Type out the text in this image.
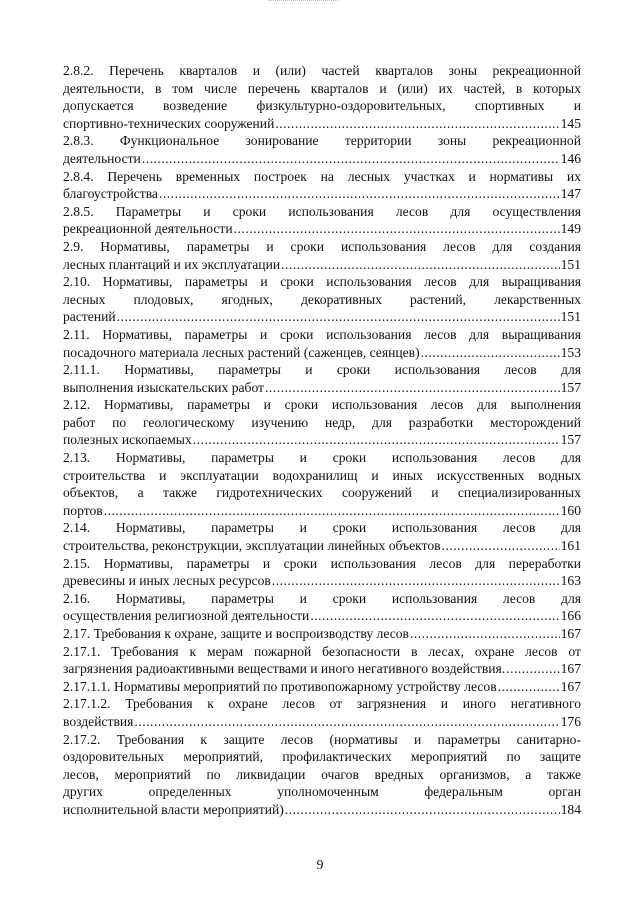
2.8.2. Перечень кварталов и (или) частей кварталов зоны рекреационной
деятельности, в том числе перечень кварталов и (или) их частей, в которых
допускается возведение физкультурно-оздоровительных, спортивных и
спортивно-технических сооружений .....	145
2.8.3. Функциональное зонирование территории зоны рекреационной
деятельности .....	146
2.8.4. Перечень временных построек на лесных участках и нормативы их
благоустройства .....	147
2.8.5. Параметры и сроки использования лесов для осуществления
рекреационной деятельности .....	149
2.9. Нормативы, параметры и сроки использования лесов для создания
лесных плантаций и их эксплуатации .....	151
2.10. Нормативы, параметры и сроки использования лесов для выращивания
лесных плодовых, ягодных, декоративных растений, лекарственных
растений .....	151
2.11. Нормативы, параметры и сроки использования лесов для выращивания
посадочного материала лесных растений (саженцев, сеянцев) .....	153
2.11.1. Нормативы, параметры и сроки использования лесов для
выполнения изыскательских работ .....	157
2.12. Нормативы, параметры и сроки использования лесов для выполнения
работ по геологическому изучению недр, для разработки месторождений
полезных ископаемых .....	157
2.13. Нормативы, параметры и сроки использования лесов для
строительства и эксплуатации водохранилищ и иных искусственных водных
объектов, а также гидротехнических сооружений и специализированных
портов .....	160
2.14. Нормативы, параметры и сроки использования лесов для
строительства, реконструкции, эксплуатации линейных объектов .....	161
2.15. Нормативы, параметры и сроки использования лесов для переработки
древесины и иных лесных ресурсов .....	163
2.16. Нормативы, параметры и сроки использования лесов для
осуществления религиозной деятельности .....	166
2.17. Требования к охране, защите и воспроизводству лесов .....	167
2.17.1. Требования к мерам пожарной безопасности в лесах, охране лесов от
загрязнения радиоактивными веществами и иного негативного воздействия. .....	167
2.17.1.1. Нормативы мероприятий по противопожарному устройству лесов .....	167
2.17.1.2. Требования к охране лесов от загрязнения и иного негативного
воздействия .....	176
2.17.2. Требования к защите лесов (нормативы и параметры санитарно-
оздоровительных мероприятий, профилактических мероприятий по защите
лесов, мероприятий по ликвидации очагов вредных организмов, а также
других определенных уполномоченным федеральным орган
исполнительной власти мероприятий) .....	184
9
